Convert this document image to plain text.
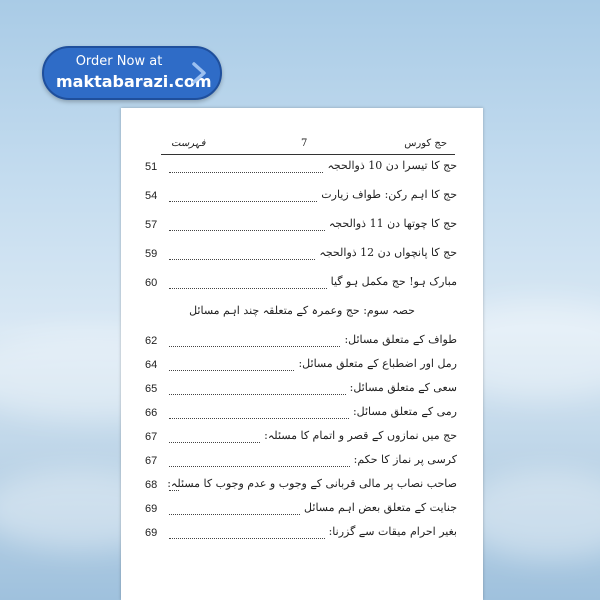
Order Now at
maktabarazi.com
حج کورس
7
فہرست
51	حج کا تیسرا دن 10 ذوالحجہ
54	حج کا اہم رکن: طواف زیارت
57	حج کا چوتھا دن 11 ذوالحجہ
59	حج کا پانچواں دن 12 ذوالحجہ
60	مبارک ہو! حج مکمل ہو گیا
حصہ سوم: حج وعمرہ کے متعلقہ چند اہم مسائل
62	طواف کے متعلق مسائل:
64	رمل اور اضطباع کے متعلق مسائل:
65	سعی کے متعلق مسائل:
66	رمی کے متعلق مسائل:
67	حج میں نمازوں کے قصر و اتمام کا مسئلہ:
67	کرسی پر نماز کا حکم:
68 صاحب نصاب پر مالی قربانی کے وجوب و عدم وجوب کا مسئلہ:
69	جنایت کے متعلق بعض اہم مسائل
69	بغیر احرام میقات سے گزرنا:
